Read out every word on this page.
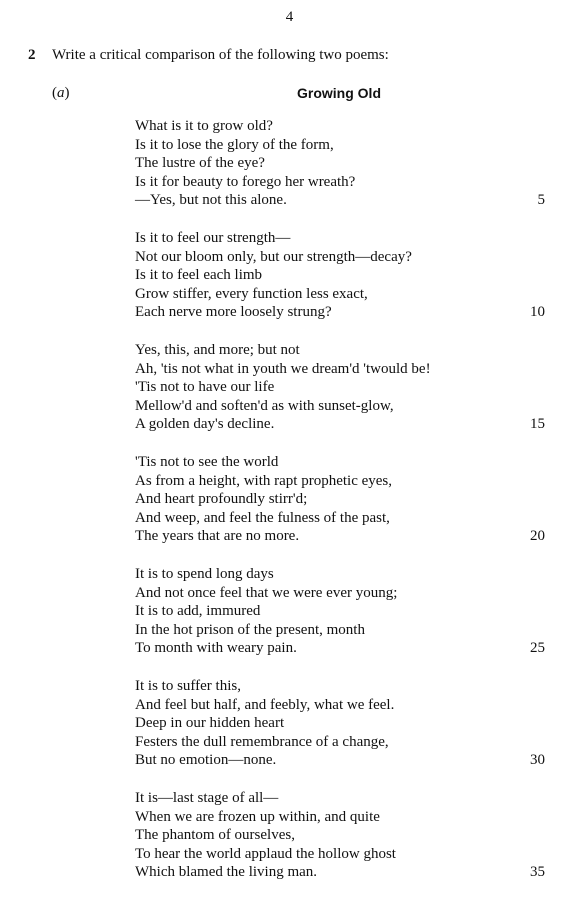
4
2 Write a critical comparison of the following two poems:
(a)	Growing Old
What is it to grow old?
Is it to lose the glory of the form,
The lustre of the eye?
Is it for beauty to forego her wreath?
—Yes, but not this alone.	5
Is it to feel our strength—
Not our bloom only, but our strength—decay?
Is it to feel each limb
Grow stiffer, every function less exact,
Each nerve more loosely strung?	10
Yes, this, and more; but not
Ah, 'tis not what in youth we dream'd 'twould be!
'Tis not to have our life
Mellow'd and soften'd as with sunset-glow,
A golden day's decline.	15
'Tis not to see the world
As from a height, with rapt prophetic eyes,
And heart profoundly stirr'd;
And weep, and feel the fulness of the past,
The years that are no more.	20
It is to spend long days
And not once feel that we were ever young;
It is to add, immured
In the hot prison of the present, month
To month with weary pain.	25
It is to suffer this,
And feel but half, and feebly, what we feel.
Deep in our hidden heart
Festers the dull remembrance of a change,
But no emotion—none.	30
It is—last stage of all—
When we are frozen up within, and quite
The phantom of ourselves,
To hear the world applaud the hollow ghost
Which blamed the living man.	35
